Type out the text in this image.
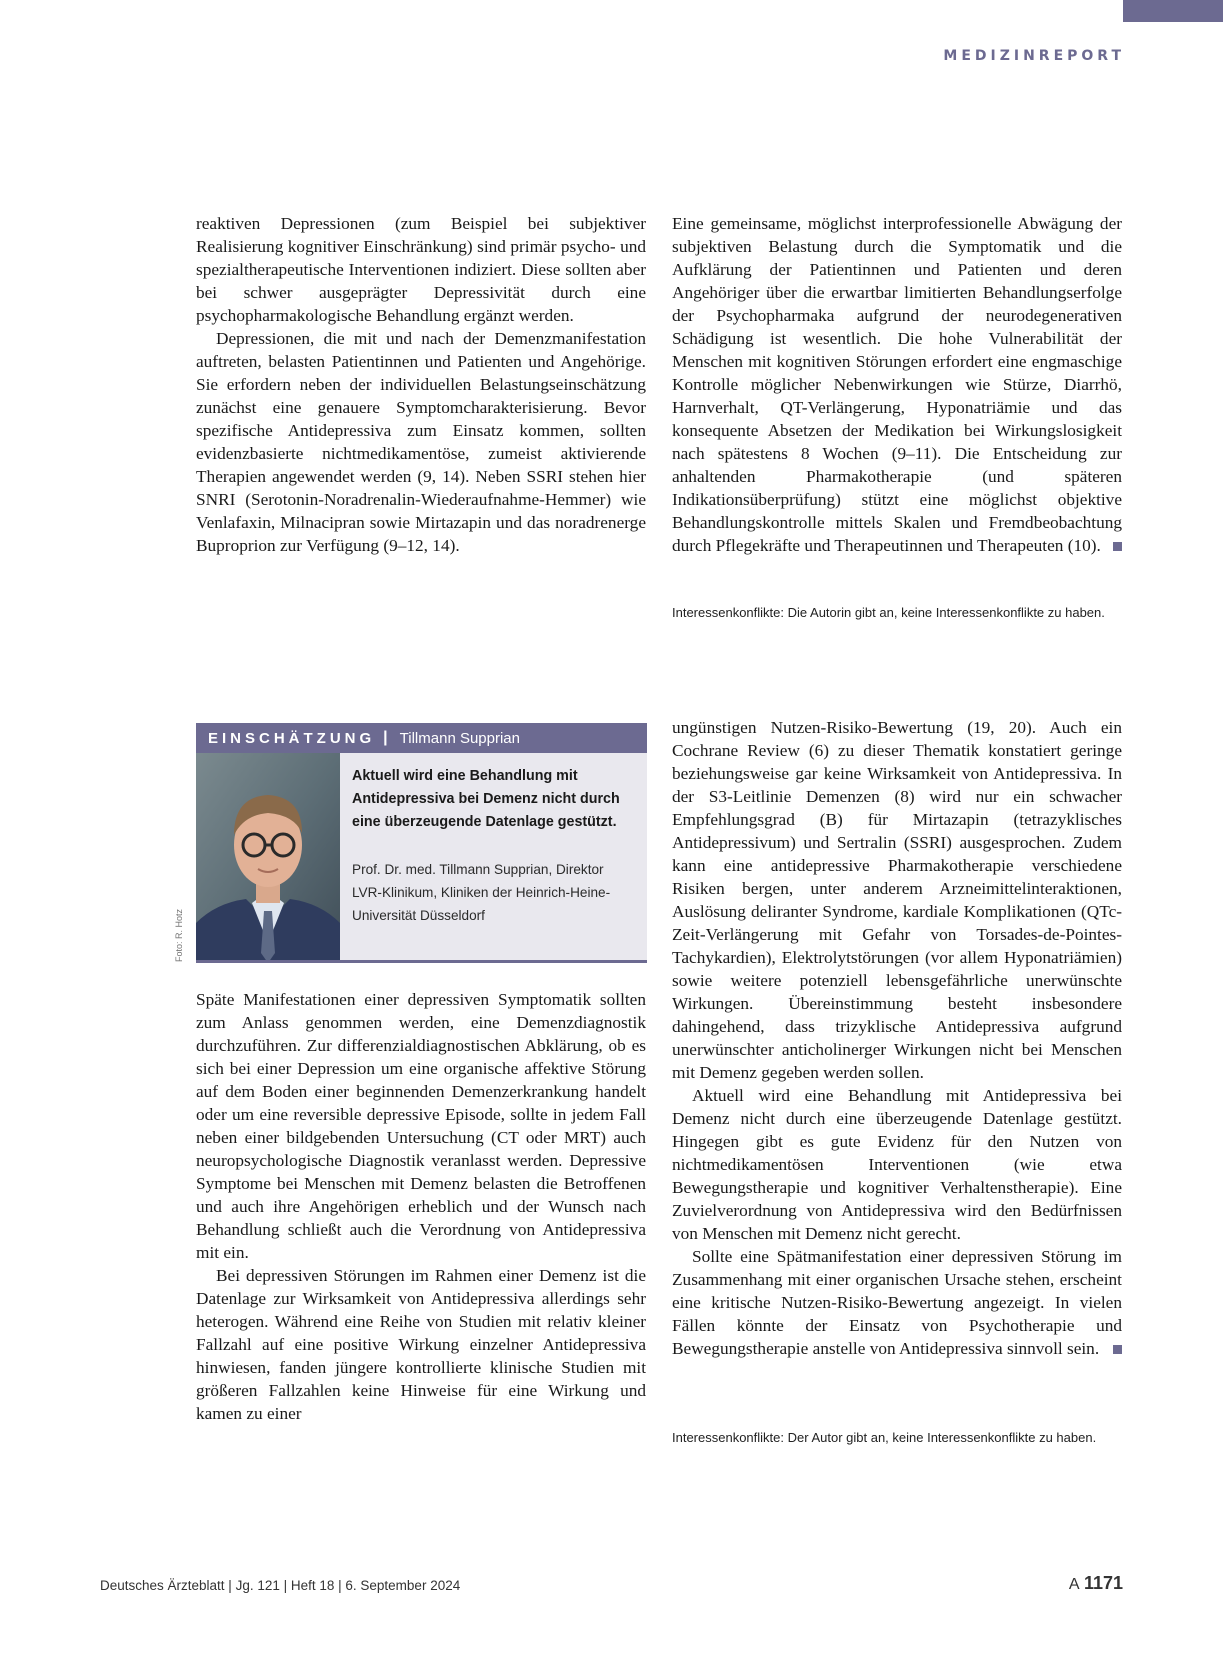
MEDIZINREPORT

reaktiven Depressionen (zum Beispiel bei subjektiver Realisierung kognitiver Einschränkung) sind primär psycho- und spezialtherapeutische Interventionen indiziert. Diese sollten aber bei schwer ausgeprägter Depressivität durch eine psychopharmakologische Behandlung ergänzt werden.

Depressionen, die mit und nach der Demenzmanifestation auftreten, belasten Patientinnen und Patienten und Angehörige. Sie erfordern neben der individuellen Belastungseinschätzung zunächst eine genauere Symptomcharakterisierung. Bevor spezifische Antidepressiva zum Einsatz kommen, sollten evidenzbasierte nichtmedikamentöse, zumeist aktivierende Therapien angewendet werden (9, 14). Neben SSRI stehen hier SNRI (Serotonin-Noradrenalin-Wiederaufnahme-Hemmer) wie Venlafaxin, Milnacipran sowie Mirtazapin und das noradrenerge Buproprion zur Verfügung (9–12, 14).

Eine gemeinsame, möglichst interprofessionelle Abwägung der subjektiven Belastung durch die Symptomatik und die Aufklärung der Patientinnen und Patienten und deren Angehöriger über die erwartbar limitierten Behandlungserfolge der Psychopharmaka aufgrund der neurodegenerativen Schädigung ist wesentlich. Die hohe Vulnerabilität der Menschen mit kognitiven Störungen erfordert eine engmaschige Kontrolle möglicher Nebenwirkungen wie Stürze, Diarrhö, Harnverhalt, QT-Verlängerung, Hyponatriämie und das konsequente Absetzen der Medikation bei Wirkungslosigkeit nach spätestens 8 Wochen (9–11). Die Entscheidung zur anhaltenden Pharmakotherapie (und späteren Indikationsüberprüfung) stützt eine möglichst objektive Behandlungskontrolle mittels Skalen und Fremdbeobachtung durch Pflegekräfte und Therapeutinnen und Therapeuten (10).

Interessenkonflikte: Die Autorin gibt an, keine Interessenkonflikte zu haben.
EINSCHÄTZUNG | Tillmann Supprian
Aktuell wird eine Behandlung mit Antidepressiva bei Demenz nicht durch eine überzeugende Datenlage gestützt.
Prof. Dr. med. Tillmann Supprian, Direktor LVR-Klinikum, Kliniken der Heinrich-Heine-Universität Düsseldorf
Foto: R. Hotz

Späte Manifestationen einer depressiven Symptomatik sollten zum Anlass genommen werden, eine Demenzdiagnostik durchzuführen. Zur differenzialdiagnostischen Abklärung, ob es sich bei einer Depression um eine organische affektive Störung auf dem Boden einer beginnenden Demenzerkrankung handelt oder um eine reversible depressive Episode, sollte in jedem Fall neben einer bildgebenden Untersuchung (CT oder MRT) auch neuropsychologische Diagnostik veranlasst werden. Depressive Symptome bei Menschen mit Demenz belasten die Betroffenen und auch ihre Angehörigen erheblich und der Wunsch nach Behandlung schließt auch die Verordnung von Antidepressiva mit ein.

Bei depressiven Störungen im Rahmen einer Demenz ist die Datenlage zur Wirksamkeit von Antidepressiva allerdings sehr heterogen. Während eine Reihe von Studien mit relativ kleiner Fallzahl auf eine positive Wirkung einzelner Antidepressiva hinwiesen, fanden jüngere kontrollierte klinische Studien mit größeren Fallzahlen keine Hinweise für eine Wirkung und kamen zu einer

ungünstigen Nutzen-Risiko-Bewertung (19, 20). Auch ein Cochrane Review (6) zu dieser Thematik konstatiert geringe beziehungsweise gar keine Wirksamkeit von Antidepressiva. In der S3-Leitlinie Demenzen (8) wird nur ein schwacher Empfehlungsgrad (B) für Mirtazapin (tetrazyklisches Antidepressivum) und Sertralin (SSRI) ausgesprochen. Zudem kann eine antidepressive Pharmakotherapie verschiedene Risiken bergen, unter anderem Arzneimittelinteraktionen, Auslösung deliranter Syndrome, kardiale Komplikationen (QTc-Zeit-Verlängerung mit Gefahr von Torsades-de-Pointes-Tachykardien), Elektrolytstörungen (vor allem Hyponatriämien) sowie weitere potenziell lebensgefährliche unerwünschte Wirkungen. Übereinstimmung besteht insbesondere dahingehend, dass trizyklische Antidepressiva aufgrund unerwünschter anticholinerger Wirkungen nicht bei Menschen mit Demenz gegeben werden sollen.

Aktuell wird eine Behandlung mit Antidepressiva bei Demenz nicht durch eine überzeugende Datenlage gestützt. Hingegen gibt es gute Evidenz für den Nutzen von nichtmedikamentösen Interventionen (wie etwa Bewegungstherapie und kognitiver Verhaltenstherapie). Eine Zuvielverordnung von Antidepressiva wird den Bedürfnissen von Menschen mit Demenz nicht gerecht.

Sollte eine Spätmanifestation einer depressiven Störung im Zusammenhang mit einer organischen Ursache stehen, erscheint eine kritische Nutzen-Risiko-Bewertung angezeigt. In vielen Fällen könnte der Einsatz von Psychotherapie und Bewegungstherapie anstelle von Antidepressiva sinnvoll sein.

Interessenkonflikte: Der Autor gibt an, keine Interessenkonflikte zu haben.
Deutsches Ärzteblatt | Jg. 121 | Heft 18 | 6. September 2024	A 1171
